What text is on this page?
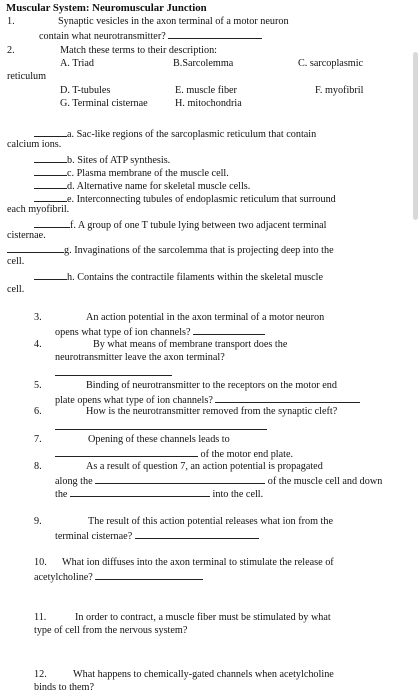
Muscular System: Neuromuscular Junction
1.	Synaptic vesicles in the axon terminal of a motor neuron
contain what neurotransmitter?
2.	Match these terms to their description:
A. Triad	B.Sarcolemma	C. sarcoplasmic
reticulum
D. T-tubules	E. muscle fiber	F. myofibril
G. Terminal cisternae	H. mitochondria
a. Sac-like regions of the sarcoplasmic reticulum that contain
calcium ions.
b. Sites of ATP synthesis.
c. Plasma membrane of the muscle cell.
d. Alternative name for skeletal muscle cells.
e. Interconnecting tubules of endoplasmic reticulum that surround
each myofibril.
f. A group of one T tubule lying between two adjacent terminal
cisternae.
g. Invaginations of the sarcolemma that is projecting deep into the
cell.
h. Contains the contractile filaments within the skeletal muscle
cell.
3.	An action potential in the axon terminal of a motor neuron
opens what type of ion channels?
4.	By what means of membrane transport does the
neurotransmitter leave the axon terminal?
5.	Binding of neurotransmitter to the receptors on the motor end
plate opens what type of ion channels?
6.	How is the neurotransmitter removed from the synaptic cleft?
7.	Opening of these channels leads to
of the motor end plate.
8.	As a result of question 7, an action potential is propagated
along the	of the muscle cell and down
the	into the cell.
9.	The result of this action potential releases what ion from the
terminal cisternae?
10. What ion diffuses into the axon terminal to stimulate the release of
acetylcholine?
11.	In order to contract, a muscle fiber must be stimulated by what
type of cell from the nervous system?
12.	What happens to chemically-gated channels when acetylcholine
binds to them?
